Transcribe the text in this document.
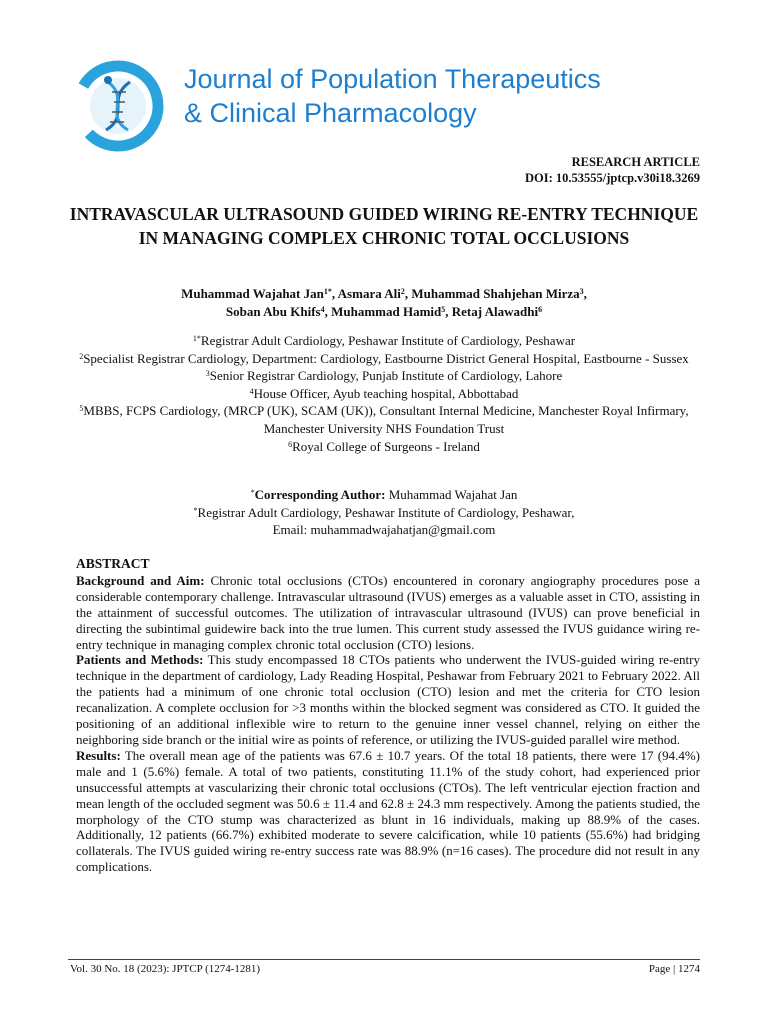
Journal of Population Therapeutics
& Clinical Pharmacology
RESEARCH ARTICLE
DOI: 10.53555/jptcp.v30i18.3269
INTRAVASCULAR ULTRASOUND GUIDED WIRING RE-ENTRY TECHNIQUE IN MANAGING COMPLEX CHRONIC TOTAL OCCLUSIONS
Muhammad Wajahat Jan$^{1*}$, Asmara Ali$^2$, Muhammad Shahjehan Mirza$^3$,
Soban Abu Khifs$^4$, Muhammad Hamid$^5$, Retaj Alawadhi$^6$
$^{1*}$Registrar Adult Cardiology, Peshawar Institute of Cardiology, Peshawar
$^2$Specialist Registrar Cardiology, Department: Cardiology, Eastbourne District General Hospital, Eastbourne - Sussex
$^3$Senior Registrar Cardiology, Punjab Institute of Cardiology, Lahore
$^4$House Officer, Ayub teaching hospital, Abbottabad
$^5$MBBS, FCPS Cardiology, (MRCP (UK), SCAM (UK)), Consultant Internal Medicine, Manchester Royal Infirmary, Manchester University NHS Foundation Trust
$^6$Royal College of Surgeons - Ireland
*Corresponding Author: Muhammad Wajahat Jan
*Registrar Adult Cardiology, Peshawar Institute of Cardiology, Peshawar,
Email: muhammadwajahatjan@gmail.com
ABSTRACT

Background and Aim: Chronic total occlusions (CTOs) encountered in coronary angiography procedures pose a considerable contemporary challenge. Intravascular ultrasound (IVUS) emerges as a valuable asset in CTO, assisting in the attainment of successful outcomes. The utilization of intravascular ultrasound (IVUS) can prove beneficial in directing the subintimal guidewire back into the true lumen. This current study assessed the IVUS guidance wiring re-entry technique in managing complex chronic total occlusion (CTO) lesions.

Patients and Methods: This study encompassed 18 CTOs patients who underwent the IVUS-guided wiring re-entry technique in the department of cardiology, Lady Reading Hospital, Peshawar from February 2021 to February 2022. All the patients had a minimum of one chronic total occlusion (CTO) lesion and met the criteria for CTO lesion recanalization. A complete occlusion for >3 months within the blocked segment was considered as CTO. It guided the positioning of an additional inflexible wire to return to the genuine inner vessel channel, relying on either the neighboring side branch or the initial wire as points of reference, or utilizing the IVUS-guided parallel wire method.

Results: The overall mean age of the patients was 67.6 ± 10.7 years. Of the total 18 patients, there were 17 (94.4%) male and 1 (5.6%) female. A total of two patients, constituting 11.1% of the study cohort, had experienced prior unsuccessful attempts at vascularizing their chronic total occlusions (CTOs). The left ventricular ejection fraction and mean length of the occluded segment was 50.6 ± 11.4 and 62.8 ± 24.3 mm respectively. Among the patients studied, the morphology of the CTO stump was characterized as blunt in 16 individuals, making up 88.9% of the cases. Additionally, 12 patients (66.7%) exhibited moderate to severe calcification, while 10 patients (55.6%) had bridging collaterals. The IVUS guided wiring re-entry success rate was 88.9% (n=16 cases). The procedure did not result in any complications.

Vol. 30 No. 18 (2023): JPTCP (1274-1281)	Page | 1274
